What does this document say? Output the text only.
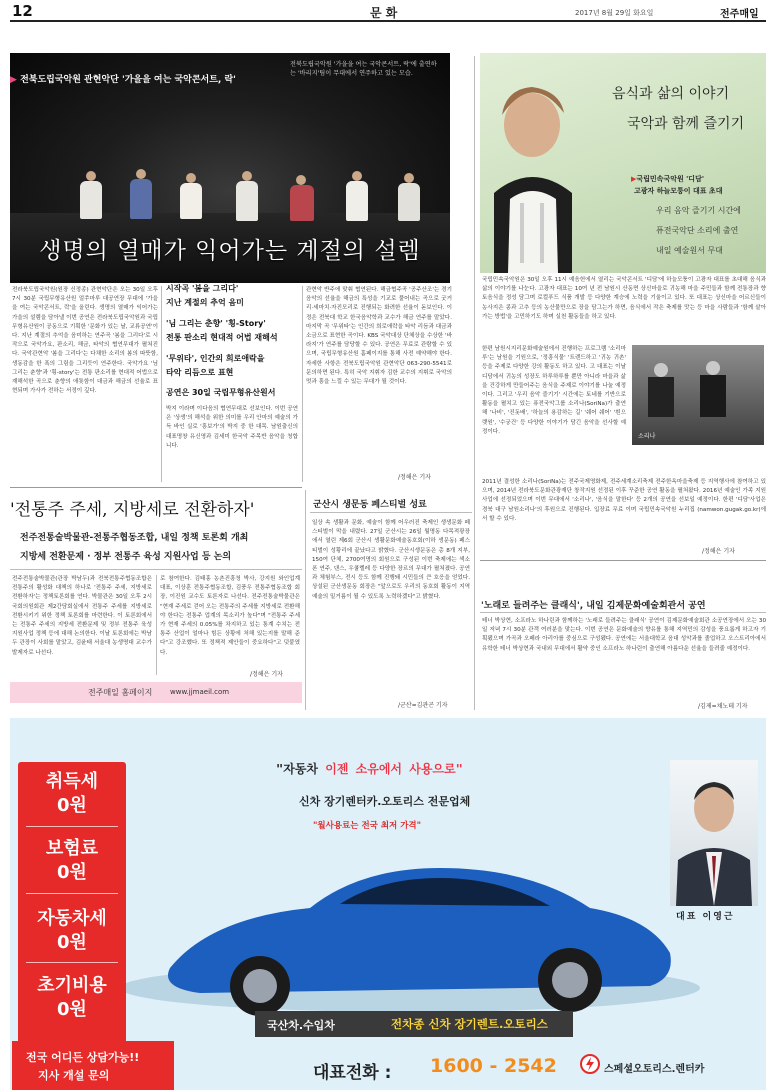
12	문화	2017년 8월 29일 화요일	전주매일
▶ 전북도립국악원 관현악단 '가을을 여는 국악콘서트, 락'
전북도립국악원 '가을을 여는 국악콘서트, 락'에 출연하는 '바리지'팀이 무대에서 연주하고 있는 모습.
생명의 열매가 익어가는 계절의 설렘
음식과 삶의 이야기
국악과 함께 즐기기
▶국립민속국악원 '디담'
고광자 하늘모퉁이 대표 초대
우리 음악 즐기기 시간에
퓨전국악단 소리에 출연
내일 예술원서 무대
전라북도립국악원(원장 신정종) 관현악단은 오는 30일 오후 7시 30분 국립무형유산원 얼쑤마루 대공연장 무대에 '가을을 여는 국악콘서트, 락'을 올린다. 생명의 열매가 익어가는 가을의 설렘을 담아낼 이번 공연은 전라북도립국악원과 국립무형유산원이 공동으로 기획한 '문화가 있는 날, 교류공연'이다. 지난 계절의 추억을 음미하는 연주곡 '봄을 그리다'로 시작으로 국악가요, 판소리, 해금, 타악의 협연무대가 펼쳐진다. 국악관현악 '봄을 그리다'는 다채한 소리의 봄의 따뜻함, 생동감을 한 폭의 그림을 그리듯이 연주한다. 국악가요 '님 그리는 춘향'과 '횡-story'는 전통 판소리를 현대적 어법으로 재해석한 곡으로 춘향의 애틋함이 대금과 해금의 선율로 표현되며 가사가 전하는 서정이 깊다.
시작곡 '봄을 그리다'
지난 계절의 추억 음미
'님 그리는 춘향' '횡-Story'
전통 판소리 현대적 어법 재해석
'무위타', 인간의 희로애락을
타악 리듬으로 표현
공연은 30일 국립무형유산원서
박지 이라며 이다음의 협연무대로 선보인다. 이번 공연은 '상생'의 해석을 위한 의미를 우리 안마의 예술의 가득 바인 실로 '흥보가'의 박지 중 한 대목. 남원출신의 대표명창 유신영과 김세미 한국악 주목반 음악을 청합니다.
관현악 반주에 맞춰 협연된다. 해금협주곡 '공주산조'는 경기음악의 선율을 해금의 특성을 기교로 풀어내는 곡으로 굿거리·세마치·자진모리로 진행되는 화려한 선율이 돋보인다. 이정은 전북대 학교 한국음악학과 교수가 해금 연주를 맡았다. 마지막 곡 '무위타'는 인간의 희로애락을 타악 리듬과 대금과 소금으로 표현한 곡이다. KBS 국악대상 단체상을 수상한 '바라지'가 연주를 담당할 수 있다. 공연은 무료로 관람할 수 있으며, 국립무형유산원 홈페이지를 통해 사전 예약해야 한다. 자세한 사항은 전북도립국악원 관현악단 063-290-5541로 문의하면 된다. 특히 국악 지휘자 김한 교수의 지휘로 국악의 멋과 흥을 느낄 수 있는 무대가 될 것이다.
/정해은 기자
국립민속국악원은 30일 오후 11시 예음헌에서 열리는 국악콘서트 '디담'에 하늘모퉁이 고광자 대표를 초대해 음식과 삶의 이야기를 나눈다. 고광자 대표는 10여 년 전 남원시 산동면 상신마을로 귀농해 마을 주민들과 함께 전통장과 향토음식을 정성 담그며 로컬푸드 식품 개발 등 다양한 계승에 노력을 기울이고 있다. 또 대표는 상신마을 어르신들이 농사지은 콩과 고추 등의 농산물만으로 장을 담그는가 하면, 음식에서 작은 축제를 맛는 등 마을 사람들과 '함께 살아가는 방법'을 고민하기도 하며 실천 활동들을 하고 있다.
한편 남원시지리문화예술원에서 진행하는 프로그램 '소리마루'는 남원을 기원으로, '정흥식물' '트렌드하고 '귀농 귀촌' 등을 주제로 다양한 강의 활동도 하고 있다. 고 대표는 이날 디담에서 귀농의 성장도 하루하루를 뿐만 아니라 마을과 삶을 건강하게 만들어주는 음식을 주제로 이야기를 나눌 예정이다. 그리고 '우리 음악 즐기기' 시간에는 토네를 기반으로 활동을 펼치고 있는 퓨전국악그룹 소리나(SoriNa)가 출연해 '나비', '진돗배', '하늘의 용감하는 길' '쉐어 쉐어' '흰으랫원', '수궁건' 등 다양한 이야기가 담긴 음악을 선사할 예정이다.
소리나
2011년 결성한 소리나(SoriNa)는 전주국제영화제, 전주세계소리축제 전주한옥마을축제 등 지역행사에 참여하고 있으며, 2014년 전라북도문화관광재단 창작지원 선정된 이후 꾸준한 공연 활동을 펼쳐왔다. 2016년 예술인 가족 지원사업에 선정되었으며 이번 무대에서 '소리나', '음식을 말한다' 등 2개의 공연을 선보일 예정이다. 한편 '디담'사업은 경북 대구 남원소리나'의 후원으로 진행된다. 입장료 무료 이며 국립민속국악원 누리집 (namwon.gugak.go.kr)에서 할 수 있다.
/정해은 기자
'전통주 주세, 지방세로 전환하자'
전주전통술박물관-전통주협동조합, 내일 정책 토론회 개최
지방세 전환문제 · 정부 전통주 육성 지원사업 등 논의
전주전통술박물관(관장 박남두)과 전북전통주협동조합은 전통주의 활성화 대책의 하나로 '전통주 주세, 지방세로 전환하자'는 정책토론회를 연다. 박물관은 30일 오후 2시 국회의원회관 제2간담회실에서 전통주 주세를 지방세로 전환시키기 위한 정책 토론회를 마련한다. 이 토론회에서는 전통주 주세의 지방세 전환문제 및 정부 전통주 육성 지원사업 정책 등에 대해 논의한다. 이날 토론회에는 박남두 관장이 사회를 맡았고, 김윤태 서울대 농생명대 교수가 발제자로 나선다.
로 참여한다. 김태홍 농촌진흥청 박사, 강지원 와인업계 대표, 이상훈 전통주협동조합, 김풍우 전통주협동조합 회장, 이진원 교수도 토론자로 나선다. 전주전통술박물관은 "현재 주세로 걷어 오는 전통주의 주세를 지방세로 전환해야 한다는 전통주 업계의 목소리가 높다"며 "전통주 주세가 현재 주세의 0.05%를 차지하고 있는 통계 수치는 전통주 산업이 얼마나 힘든 상황에 처해 있는지를 말해 준다"고 강조했다. 또 정책적 제안들이 중요하다"고 덧붙였다.
/정해은 기자
전주매일 홈페이지	www.jjmaeil.com
군산시 생문동 페스티벌 성료
일상 속 생활과 문화, 예술이 함께 어우러진 축제인 생생문화 페스티벌이 막을 내렸다. 27일 군산시는 26일 월명동 다목적광장에서 열린 제6회 군산시 생활문화예술동호회(이하 생문동) 페스티벌이 성황리에 끝났다고 밝혔다. 군산시생문동은 총 8개 지부, 150여 단체, 2700여명의 회원으로 구성된 이번 축제에는 색소폰 연주, 댄스, 우쿨렐레 등 다양한 장르의 무대가 펼쳐졌다. 공연과 체험부스, 전시 등도 함께 진행돼 시민들의 큰 호응을 얻었다. 상설된 군산생문동 회장은 "앞으로도 우리의 동호회 활동이 지역예술의 밑거름이 될 수 있도록 노력하겠다"고 밝혔다.
/군산=김관곤 기자
'노래로 들려주는 클래식', 내일 김제문화예술회관서 공연
테너 박상현, 소프라노 하나린과 함께하는 '노래로 들려주는 클래식' 공연이 김제문화예술회관 소공연장에서 오는 30일 저녁 7시 30분 관객 여러분을 맞는다. 이번 공연은 문화예술의 향유를 통해 지역민의 감성을 풍요롭게 하고자 기획됐으며 가곡과 오페라 아리아를 중심으로 구성됐다. 공연에는 서울대학교 음대 성악과를 졸업하고 오스트리아에서 유학한 테너 박상현과 국내외 무대에서 활약 중인 소프라노 하나린이 출연해 아름다운 선율을 들려줄 예정이다.
/김제=채노테 기자
취득세
0원
보험료
0원
자동차세
0원
초기비용
0원
"자동차 이젠 소유에서 사용으로"
신차 장기렌터카.오토리스 전문업체
"월사용료는 전국 최저 가격"
대표 이영근
국산차.수입차	전차종 신차 장기렌트.오토리스
전국 어디든 상담가능!!
지사 개설 문의	대표전화 : 1600 - 2542	스페셜오토리스.렌터카
